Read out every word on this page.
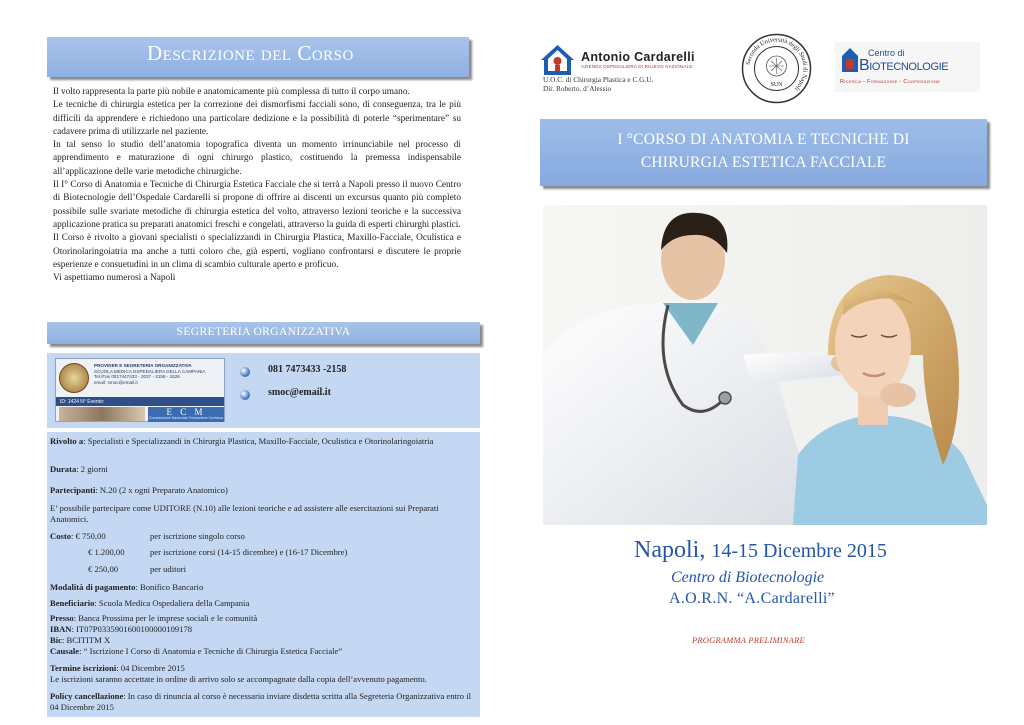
Descrizione del Corso

Il volto rappresenta la parte più nobile e anatomicamente più complessa di tutto il corpo umano.

Le tecniche di chirurgia estetica per la correzione dei dismorfismi facciali sono, di conseguenza, tra le più difficili da apprendere e richiedono una particolare dedizione e la possibilità di poterle “sperimentare” su cadavere prima di utilizzarle nel paziente.

In tal senso lo studio dell’anatomia topografica diventa un momento irrinunciabile nel processo di apprendimento e maturazione di ogni chirurgo plastico, costituendo la premessa indispensabile all’applicazione delle varie metodiche chirurgiche.

Il I° Corso di Anatomia e Tecniche di Chirurgia Estetica Facciale che si terrà a Napoli presso il nuovo Centro di Biotecnologie dell’Ospedale Cardarelli si propone di offrire ai discenti un excursus quanto più completo possibile sulle svariate metodiche di chirurgia estetica del volto, attraverso lezioni teoriche e la successiva applicazione pratica su preparati anatomici freschi e congelati, attraverso la guida di esperti chirurghi plastici.

Il Corso è rivolto a giovani specialisti o specializzandi in Chirurgia Plastica, Maxillo-Facciale, Oculistica e Otorinolaringoiatria ma anche a tutti coloro che, già esperti, vogliano confrontarsi e discutere le proprie esperienze e consuetudini in un clima di scambio culturale aperto e proficuo.

Vi aspettiamo numerosi a Napoli

SEGRETERIA ORGANIZZATIVA
PROVIDER E SEGRETERIA ORGANIZZATIVA
SCUOLA MEDICA OSPEDALIERA DELLA CAMPANIA
Tel./Fax 0817447433 - 2037 - 2158 - 1526
email: smoc@email.it
ID: 1424 N° Evento:
E C M
Commissione Nazionale Formazione Continua
081 7473433 -2158
smoc@email.it
Rivolto a: Specialisti e Specializzandi in Chirurgia Plastica, Maxillo-Facciale, Oculistica e Otorinolaringoiatria
Durata: 2 giorni
Partecipanti: N.20 (2 x ogni Preparato Anatomico)
E’ possibile partecipare come UDITORE (N.10) alle lezioni teoriche e ad assistere alle esercitazioni sui Preparati Anatomici.
Costo: € 750,00	per iscrizione singolo corso
€ 1.200,00	per iscrizione corsi (14-15 dicembre) e (16-17 Dicembre)
€ 250,00	per uditori
Modalità di pagamento: Bonifico Bancario
Beneficiario: Scuola Medica Ospedaliera della Campania
Presso: Banca Prossima per le imprese sociali e le comunità
IBAN: IT07P0335901600100000109178
Bic: BCITITM X
Causale: “ Iscrizione I Corso di Anatomia e Tecniche di Chirurgia Estetica Facciale”
Termine iscrizioni: 04 Dicembre 2015
Le iscrizioni saranno accettate in ordine di arrivo solo se accompagnate dalla copia dell’avvenuto pagamento.
Policy cancellazione: In caso di rinuncia al corso è necessario inviare disdetta scritta alla Segreteria Organizzativa entro il 04 Dicembre 2015
Antonio Cardarelli
AZIENDA OSPEDALIERA DI RILIEVO NAZIONALE
U.O.C. di Chirurgia Plastica e C.G.U.
Dir. Roberto. d’Alessio
Seconda Università degli Studi di Napoli
SUN
Centro di
Biotecnologie
Ricerca - Formazione - Cooperazione
I °CORSO DI ANATOMIA E TECNICHE DI
CHIRURGIA ESTETICA FACCIALE
Napoli, 14-15 Dicembre 2015
Centro di Biotecnologie
A.O.R.N. “A.Cardarelli”
PROGRAMMA PRELIMINARE
